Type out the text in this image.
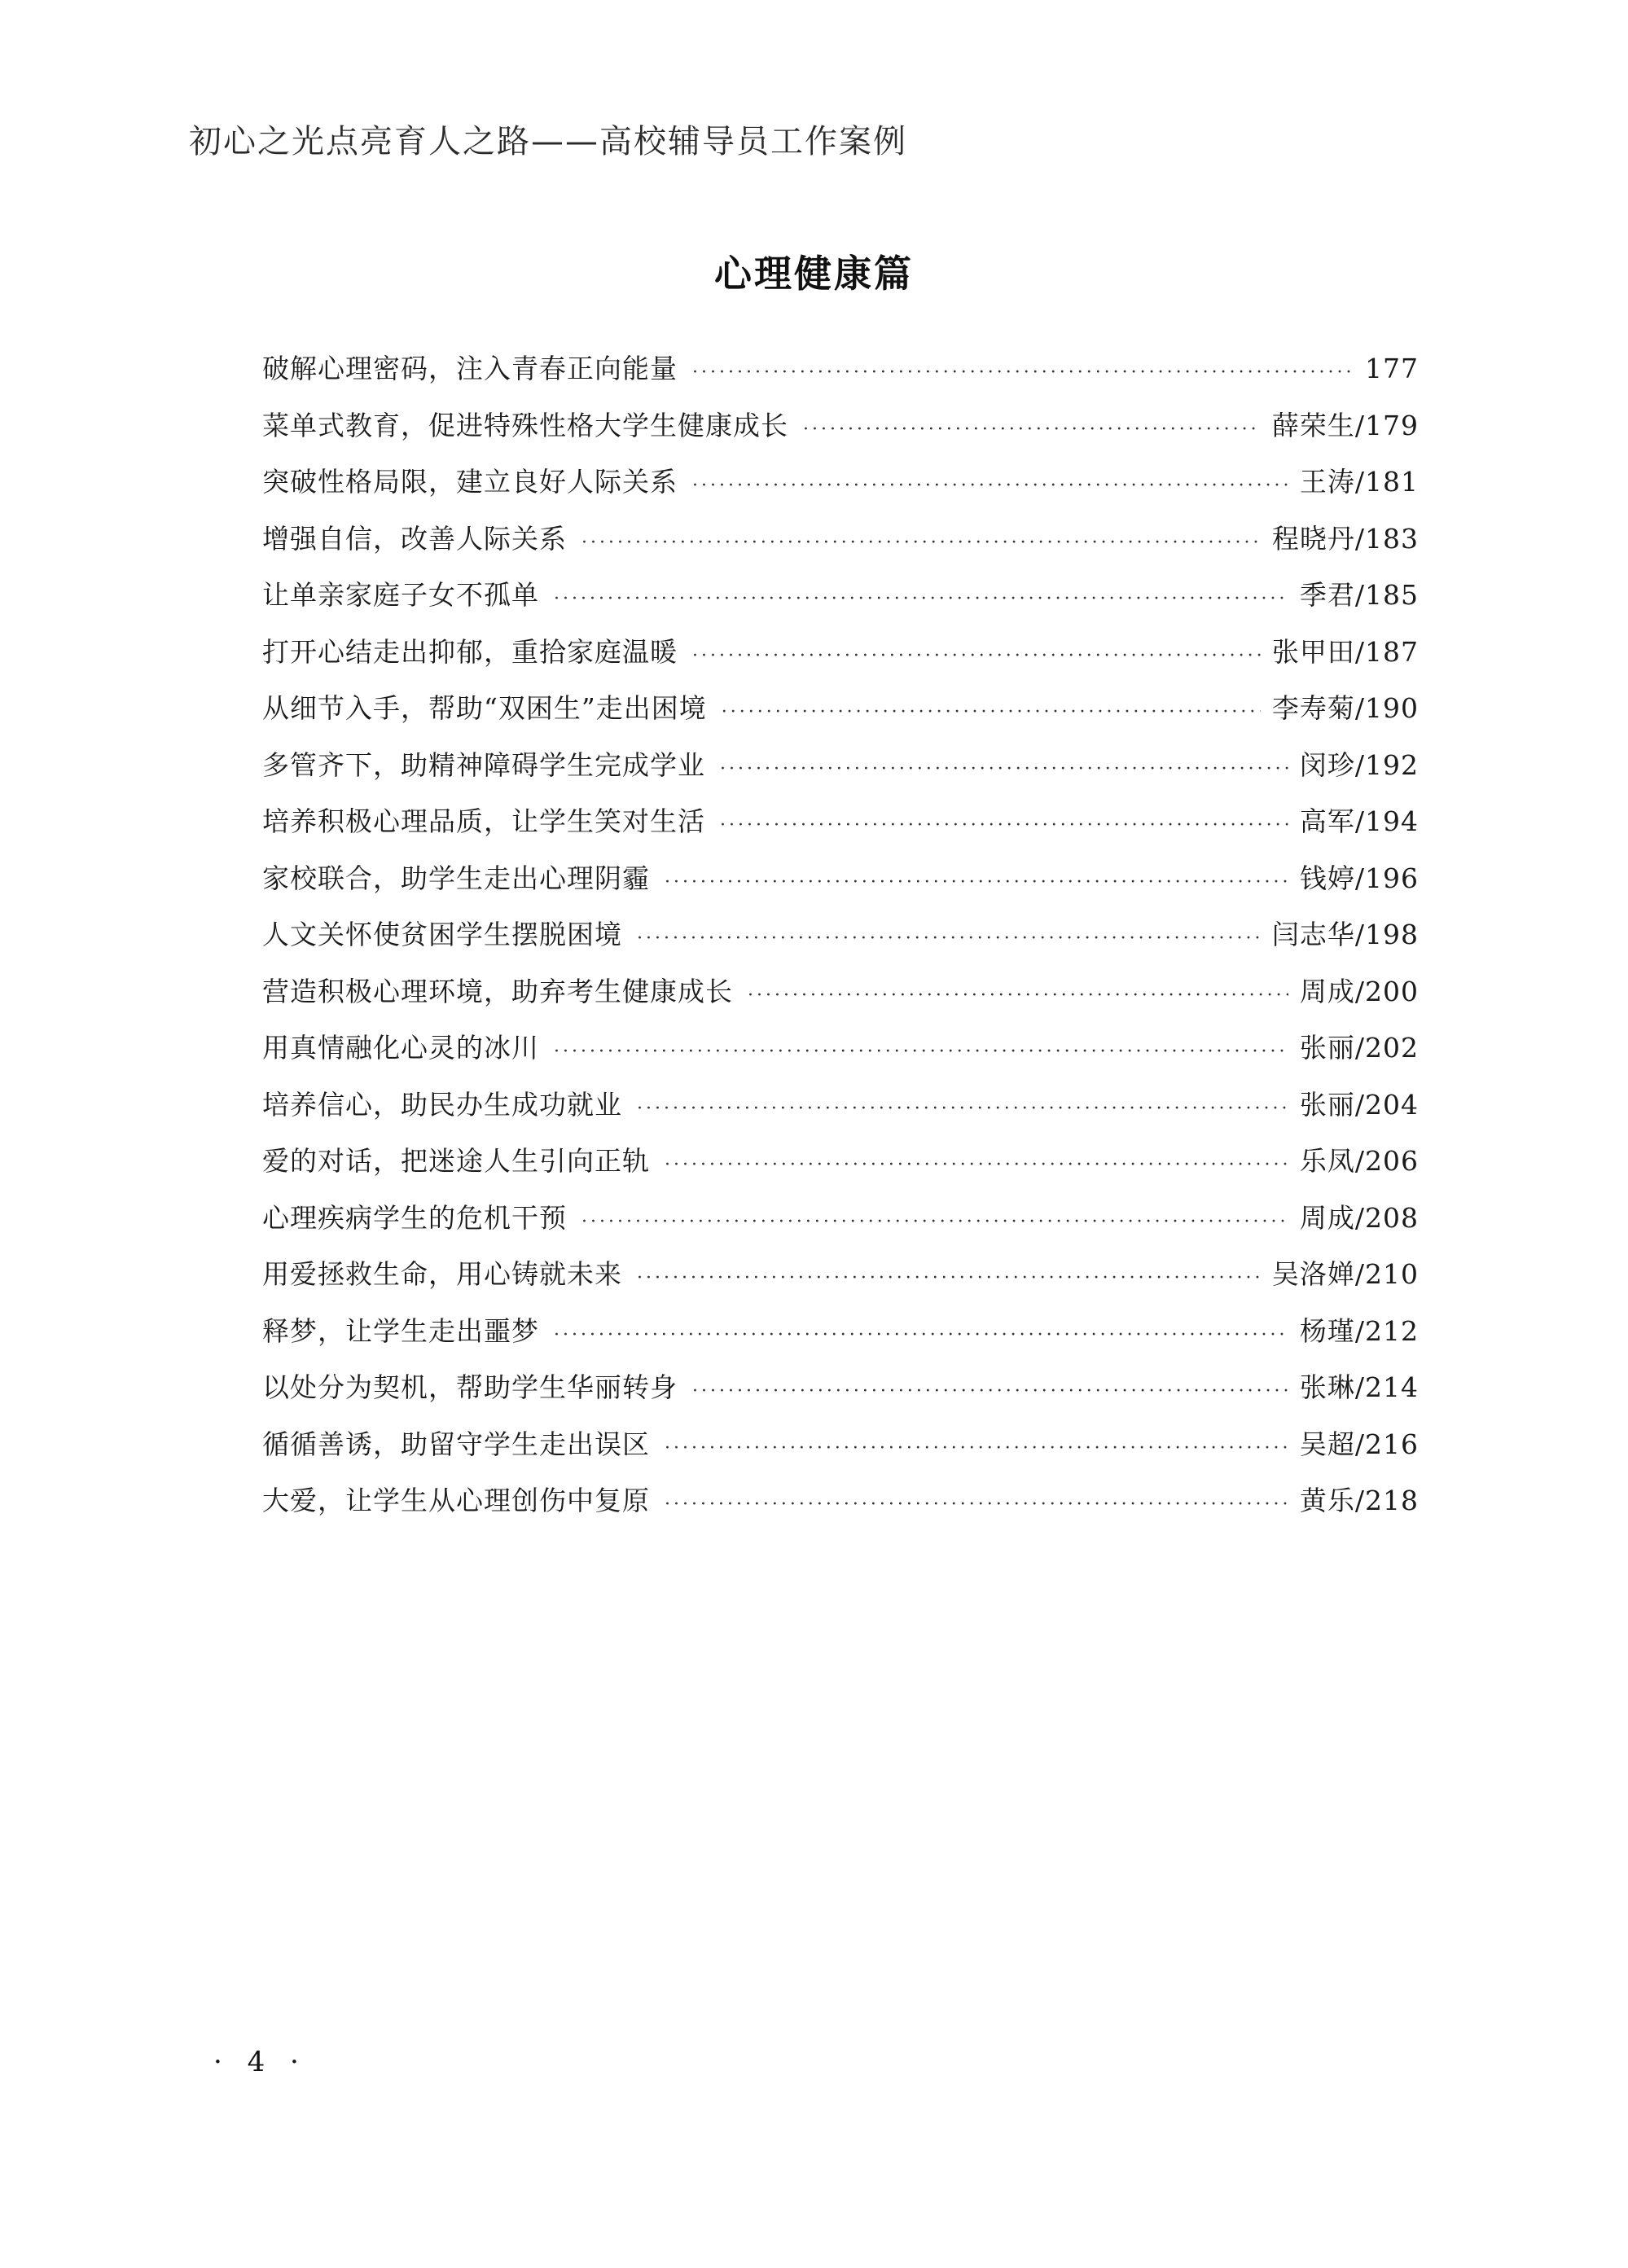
初心之光点亮育人之路——高校辅导员工作案例
心理健康篇
破解心理密码，注入青春正向能量 ·····	177
菜单式教育，促进特殊性格大学生健康成长 ·····	薛荣生/179
突破性格局限，建立良好人际关系 ·····	王涛/181
增强自信，改善人际关系 ·····	程晓丹/183
让单亲家庭子女不孤单 ·····	季君/185
打开心结走出抑郁，重拾家庭温暖 ·····	张甲田/187
从细节入手，帮助“双困生”走出困境 ·····	李寿菊/190
多管齐下，助精神障碍学生完成学业 ·····	闵珍/192
培养积极心理品质，让学生笑对生活 ·····	高军/194
家校联合，助学生走出心理阴霾 ·····	钱婷/196
人文关怀使贫困学生摆脱困境 ·····	闫志华/198
营造积极心理环境，助弃考生健康成长 ·····	周成/200
用真情融化心灵的冰川 ·····	张丽/202
培养信心，助民办生成功就业 ·····	张丽/204
爱的对话，把迷途人生引向正轨 ·····	乐凤/206
心理疾病学生的危机干预 ·····	周成/208
用爱拯救生命，用心铸就未来 ·····	吴洛婵/210
释梦，让学生走出噩梦 ·····	杨瑾/212
以处分为契机，帮助学生华丽转身 ·····	张琳/214
循循善诱，助留守学生走出误区 ·····	吴超/216
大爱，让学生从心理创伤中复原 ·····	黄乐/218
· 4 ·
